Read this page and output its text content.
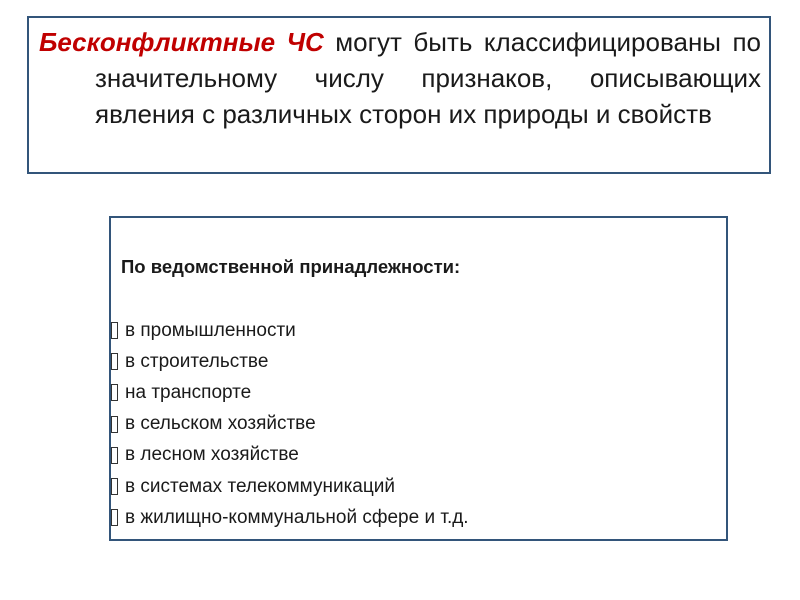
Бесконфликтные ЧС могут быть классифицированы по значительному числу признаков, описывающих явления с различных сторон их природы и свойств
По ведомственной принадлежности:
в промышленности
в строительстве
на транспорте
в сельском хозяйстве
в лесном хозяйстве
в системах телекоммуникаций
в жилищно-коммунальной сфере и т.д.
